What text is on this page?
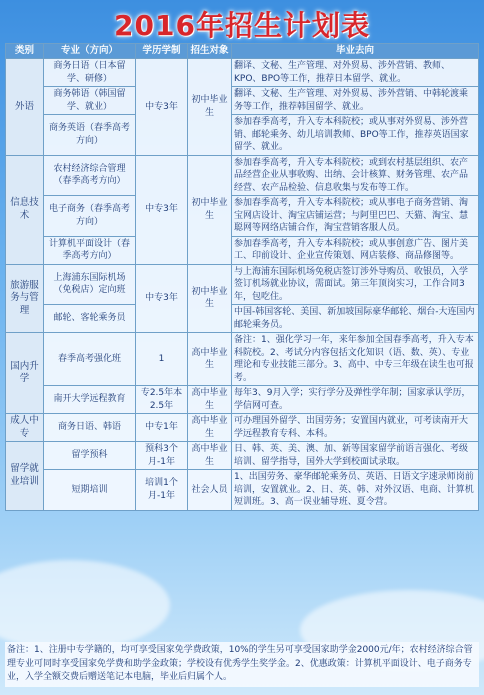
2016年招生计划表
类别	专业（方向）	学历学制	招生对象	毕业去向
外语	商务日语（日本留学、研修）	中专3年	初中毕业生	翻译、文秘、生产管理、对外贸易、涉外营销、教师、KPO、BPO等工作，推荐日本留学、就业。
	商务韩语（韩国留学、就业）			翻译、文秘、生产管理、对外贸易、涉外营销、中韩轮渡乘务等工作，推荐韩国留学、就业。
	商务英语（春季高考方向）			参加春季高考，升入专本科院校；或从事对外贸易、涉外营销、邮轮乘务、幼儿培训教师、BPO等工作，推荐英语国家留学、就业。
信息技术	农村经济综合管理（春季高考方向）	中专3年	初中毕业生	参加春季高考，升入专本科院校；或到农村基层组织、农产品经营企业从事收购、出纳、会计核算、财务管理、农产品经营、农产品检验、信息收集与发布等工作。
	电子商务（春季高考方向）			参加春季高考，升入专本科院校；或从事电子商务营销、淘宝网店设计、淘宝店铺运营；与阿里巴巴、天猫、淘宝、慧聪网等网络店铺合作，淘宝营销客服人员。
	计算机平面设计（春季高考方向）			参加春季高考，升入专本科院校；或从事创意广告、图片美工、印前设计、企业宣传策划、网店装修、商品修图等。
旅游服务与管理	上海浦东国际机场（免税店）定向班	中专3年	初中毕业生	与上海浦东国际机场免税店签订涉外导购员、收银员，入学签订机场就业协议，需面试。第三年顶岗实习，工作合同3年，包吃住。
	邮轮、客轮乘务员			中国-韩国客轮、美国、新加坡国际豪华邮轮、烟台-大连国内邮轮乘务员。
国内升学	春季高考强化班	1	高中毕业生	备注：1、强化学习一年，来年参加全国春季高考，升入专本科院校。2、考试分内容包括文化知识（语、数、英）、专业理论和专业技能三部分。3、高中、中专三年级在读生也可报考。
	南开大学远程教育	专2.5年本2.5年	高中毕业生	每年3、9月入学；实行学分及弹性学年制；国家承认学历，学信网可查。
成人中专	商务日语、韩语	中专1年	高中毕业生	可办理国外留学、出国劳务；安置国内就业，可考读南开大学远程教育专科、本科。
留学就业培训	留学预科	预科3个月-1年	高中毕业生	日、韩、英、美、澳、加、新等国家留学前语言强化、考级培训、留学指导，国外大学到校面试录取。
	短期培训	培训1个月-1年	社会人员	1、出国劳务、豪华邮轮乘务员、英语、日语文字速录师岗前培训，安置就业。2、日、英、韩、对外汉语、电商、计算机短训班。3、高一误业辅导班、夏令营。
备注：1、注册中专学籍的，均可享受国家免学费政策，10%的学生另可享受国家助学金2000元/年；农村经济综合管理专业可同时享受国家免学费和助学金政策；学校设有优秀学生奖学金。2、优惠政策：计算机平面设计、电子商务专业，入学全额交费后赠送笔记本电脑，毕业后归属个人。
